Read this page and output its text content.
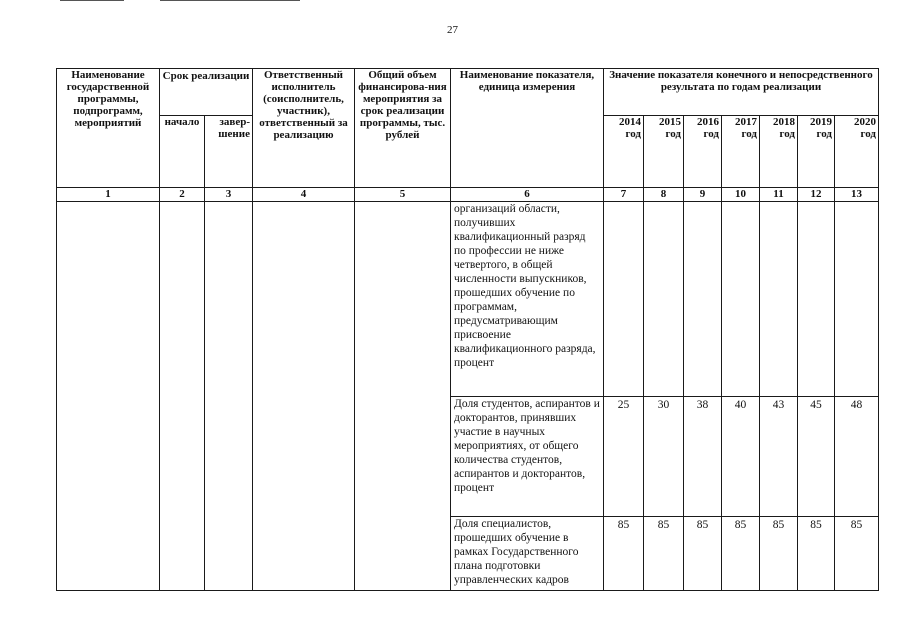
27
Наименование государственной программы, подпрограмм, мероприятий	Срок реализации		Ответственный исполнитель (соисполнитель, участник), ответственный за реализацию	Общий объем финансирова-ния мероприятия за срок реализации программы, тыс. рублей	Наименование показателя, единица измерения	Значение показателя конечного и непосредственного результата по годам реализации						
	начало	завер-шение				2014 год	2015 год	2016 год	2017 год	2018 год	2019 год	2020 год
1	2	3	4	5	6	7	8	9	10	11	12	13
					организаций области, получивших квалификационный разряд по профессии не ниже четвертого, в общей численности выпускников, прошедших обучение по программам, предусматривающим присвоение квалификационного разряда, процент							
					Доля студентов, аспирантов и докторантов, принявших участие в научных мероприятиях, от общего количества студентов, аспирантов и докторантов, процент	25	30	38	40	43	45	48
					Доля специалистов, прошедших обучение в рамках Государственного плана подготовки управленческих кадров	85	85	85	85	85	85	85
